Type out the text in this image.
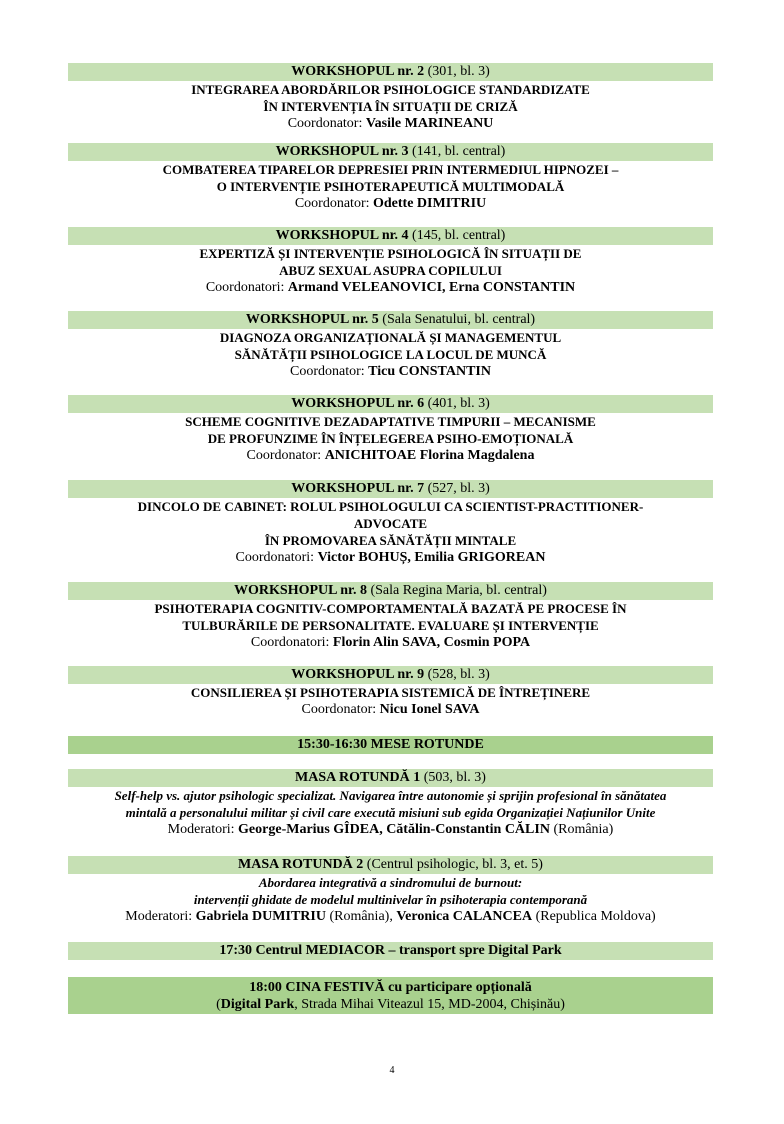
WORKSHOPUL nr. 2 (301, bl. 3)
INTEGRAREA ABORDĂRILOR PSIHOLOGICE STANDARDIZATE
ÎN INTERVENȚIA ÎN SITUAȚII DE CRIZĂ
Coordonator: Vasile MARINEANU
WORKSHOPUL nr. 3 (141, bl. central)
COMBATEREA TIPARELOR DEPRESIEI PRIN INTERMEDIUL HIPNOZEI –
O INTERVENȚIE PSIHOTERAPEUTICĂ MULTIMODALĂ
Coordonator: Odette DIMITRIU
WORKSHOPUL nr. 4 (145, bl. central)
EXPERTIZĂ ȘI INTERVENȚIE PSIHOLOGICĂ ÎN SITUAȚII DE
ABUZ SEXUAL ASUPRA COPILULUI
Coordonatori: Armand VELEANOVICI, Erna CONSTANTIN
WORKSHOPUL nr. 5 (Sala Senatului, bl. central)
DIAGNOZA ORGANIZAȚIONALĂ ȘI MANAGEMENTUL
SĂNĂTĂȚII PSIHOLOGICE LA LOCUL DE MUNCĂ
Coordonator: Ticu CONSTANTIN
WORKSHOPUL nr. 6 (401, bl. 3)
SCHEME COGNITIVE DEZADAPTATIVE TIMPURII – MECANISME
DE PROFUNZIME ÎN ÎNȚELEGEREA PSIHO-EMOȚIONALĂ
Coordonator: ANICHITOAE Florina Magdalena
WORKSHOPUL nr. 7 (527, bl. 3)
DINCOLO DE CABINET: ROLUL PSIHOLOGULUI CA SCIENTIST-PRACTITIONER-
ADVOCATE
ÎN PROMOVAREA SĂNĂTĂȚII MINTALE
Coordonatori: Victor BOHUȘ, Emilia GRIGOREAN
WORKSHOPUL nr. 8 (Sala Regina Maria, bl. central)
PSIHOTERAPIA COGNITIV-COMPORTAMENTALĂ BAZATĂ PE PROCESE ÎN
TULBURĂRILE DE PERSONALITATE. EVALUARE ȘI INTERVENȚIE
Coordonatori: Florin Alin SAVA, Cosmin POPA
WORKSHOPUL nr. 9 (528, bl. 3)
CONSILIEREA ȘI PSIHOTERAPIA SISTEMICĂ DE ÎNTREȚINERE
Coordonator: Nicu Ionel SAVA
15:30-16:30 MESE ROTUNDE
MASA ROTUNDĂ 1 (503, bl. 3)
Self-help vs. ajutor psihologic specializat. Navigarea între autonomie și sprijin profesional în sănătatea
mintală a personalului militar și civil care execută misiuni sub egida Organizației Națiunilor Unite
Moderatori: George-Marius GÎDEA, Cătălin-Constantin CĂLIN (România)
MASA ROTUNDĂ 2 (Centrul psihologic, bl. 3, et. 5)
Abordarea integrativă a sindromului de burnout:
intervenții ghidate de modelul multinivelar în psihoterapia contemporană
Moderatori: Gabriela DUMITRIU (România), Veronica CALANCEA (Republica Moldova)
17:30 Centrul MEDIACOR – transport spre Digital Park
18:00 CINA FESTIVĂ cu participare opțională
(Digital Park, Strada Mihai Viteazul 15, MD-2004, Chișinău)
4
